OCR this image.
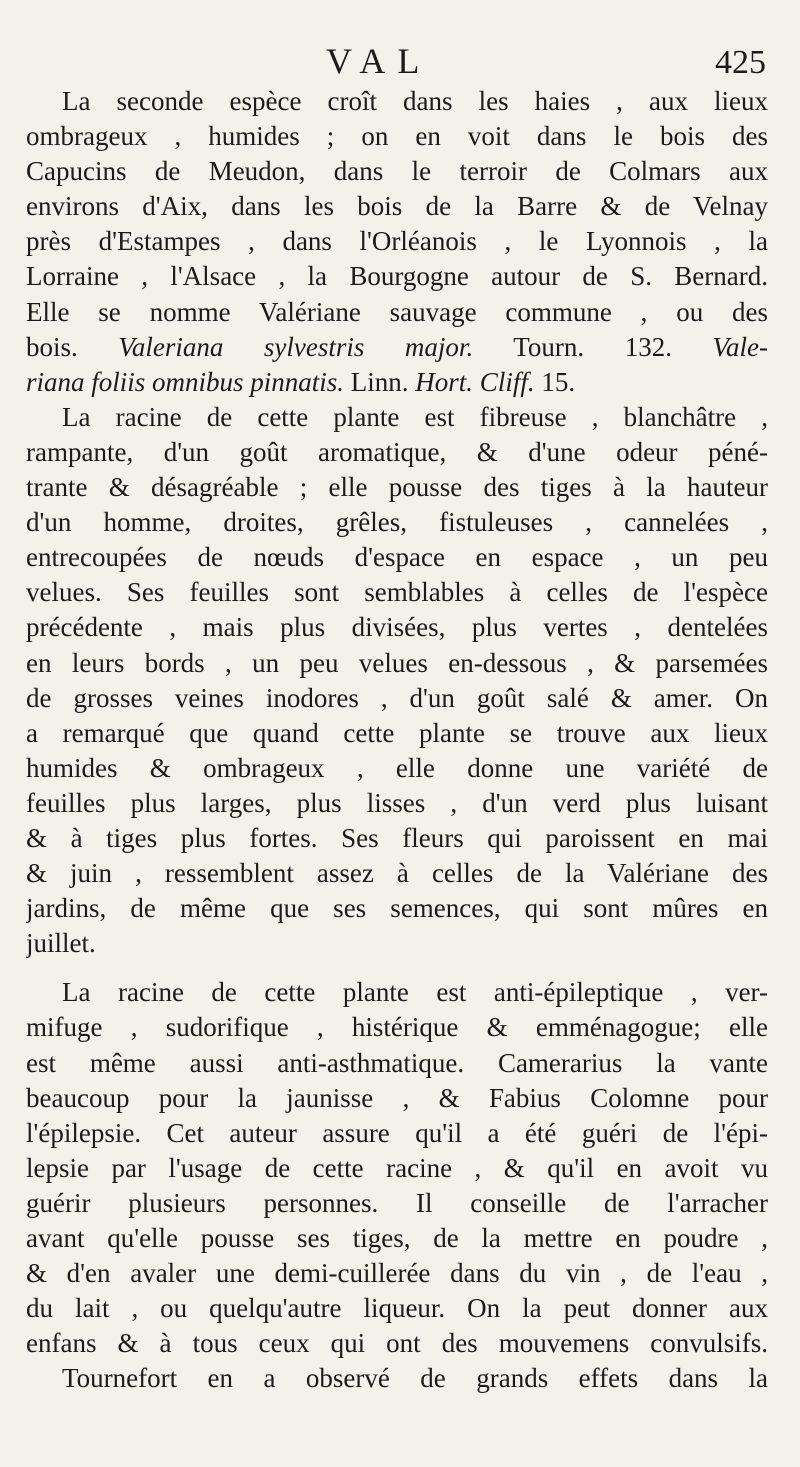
VAL	425
La seconde espèce croît dans les haies , aux lieux
ombrageux , humides ; on en voit dans le bois des
Capucins de Meudon, dans le terroir de Colmars aux
environs d'Aix, dans les bois de la Barre & de Velnay
près d'Estampes , dans l'Orléanois , le Lyonnois , la
Lorraine , l'Alsace , la Bourgogne autour de S. Bernard.
Elle se nomme Valériane sauvage commune , ou des
bois. Valeriana sylvestris major. Tourn. 132. Vale-
riana foliis omnibus pinnatis. Linn. Hort. Cliff. 15.
La racine de cette plante est fibreuse , blanchâtre ,
rampante, d'un goût aromatique, & d'une odeur péné-
trante & désagréable ; elle pousse des tiges à la hauteur
d'un homme, droites, grêles, fistuleuses , cannelées ,
entrecoupées de nœuds d'espace en espace , un peu
velues. Ses feuilles sont semblables à celles de l'espèce
précédente , mais plus divisées, plus vertes , dentelées
en leurs bords , un peu velues en-dessous , & parsemées
de grosses veines inodores , d'un goût salé & amer. On
a remarqué que quand cette plante se trouve aux lieux
humides & ombrageux , elle donne une variété de
feuilles plus larges, plus lisses , d'un verd plus luisant
& à tiges plus fortes. Ses fleurs qui paroissent en mai
& juin , ressemblent assez à celles de la Valériane des
jardins, de même que ses semences, qui sont mûres en
juillet.
La racine de cette plante est anti-épileptique , ver-
mifuge , sudorifique , histérique & emménagogue; elle
est même aussi anti-asthmatique. Camerarius la vante
beaucoup pour la jaunisse , & Fabius Colomne pour
l'épilepsie. Cet auteur assure qu'il a été guéri de l'épi-
lepsie par l'usage de cette racine , & qu'il en avoit vu
guérir plusieurs personnes. Il conseille de l'arracher
avant qu'elle pousse ses tiges, de la mettre en poudre ,
& d'en avaler une demi-cuillerée dans du vin , de l'eau ,
du lait , ou quelqu'autre liqueur. On la peut donner aux
enfans & à tous ceux qui ont des mouvemens convulsifs.
Tournefort en a observé de grands effets dans la
